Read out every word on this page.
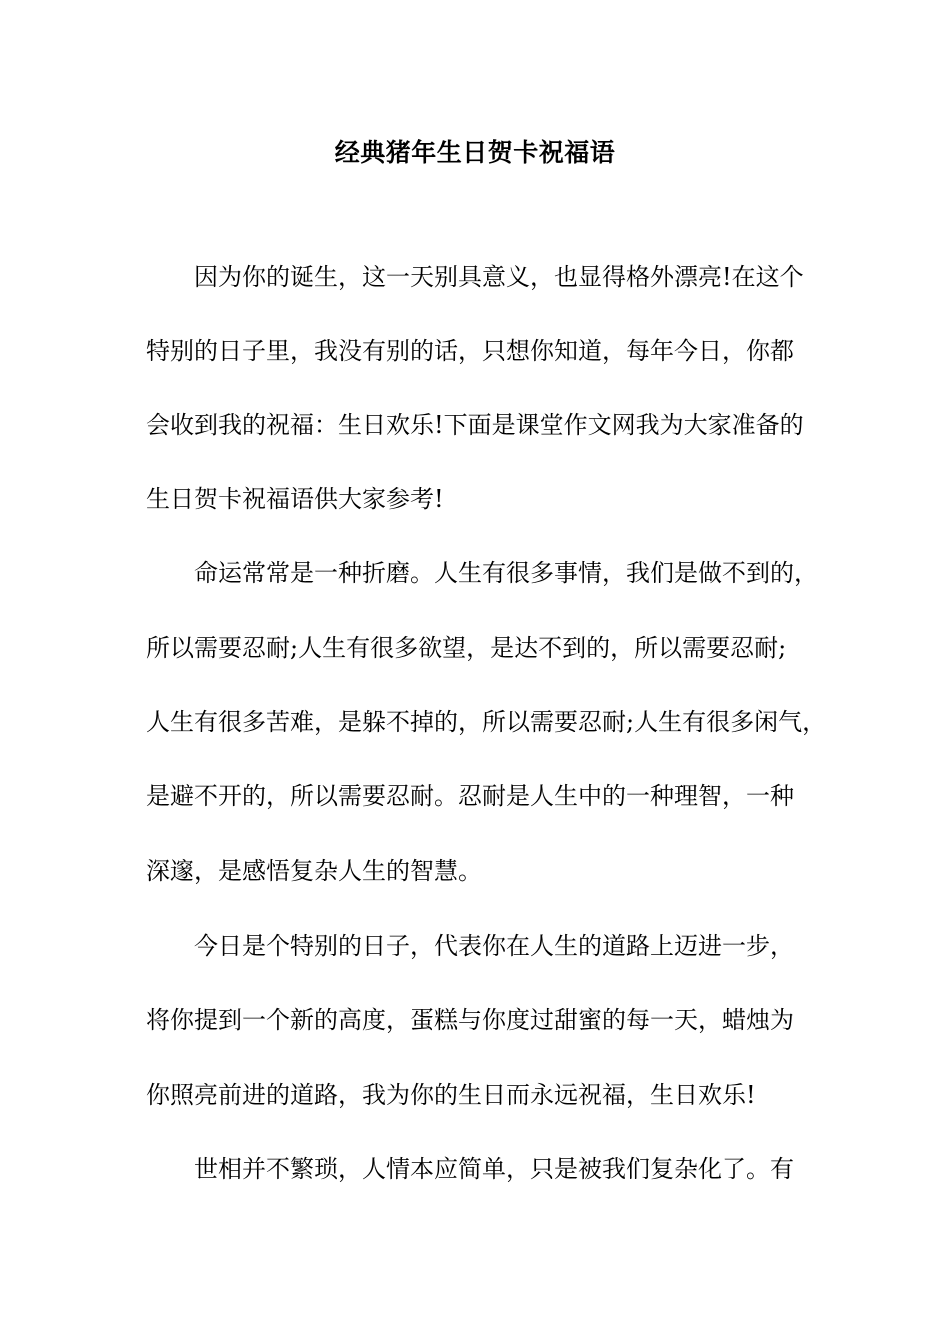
经典猪年生日贺卡祝福语
因为你的诞生，这一天别具意义，也显得格外漂亮!在这个
特别的日子里，我没有别的话，只想你知道，每年今日，你都
会收到我的祝福：生日欢乐!下面是课堂作文网我为大家准备的
生日贺卡祝福语供大家参考!
命运常常是一种折磨。人生有很多事情，我们是做不到的，
所以需要忍耐;人生有很多欲望，是达不到的，所以需要忍耐;
人生有很多苦难，是躲不掉的，所以需要忍耐;人生有很多闲气，
是避不开的，所以需要忍耐。忍耐是人生中的一种理智，一种
深邃，是感悟复杂人生的智慧。
今日是个特别的日子，代表你在人生的道路上迈进一步，
将你提到一个新的高度，蛋糕与你度过甜蜜的每一天，蜡烛为
你照亮前进的道路，我为你的生日而永远祝福，生日欢乐!
世相并不繁琐，人情本应简单，只是被我们复杂化了。有
